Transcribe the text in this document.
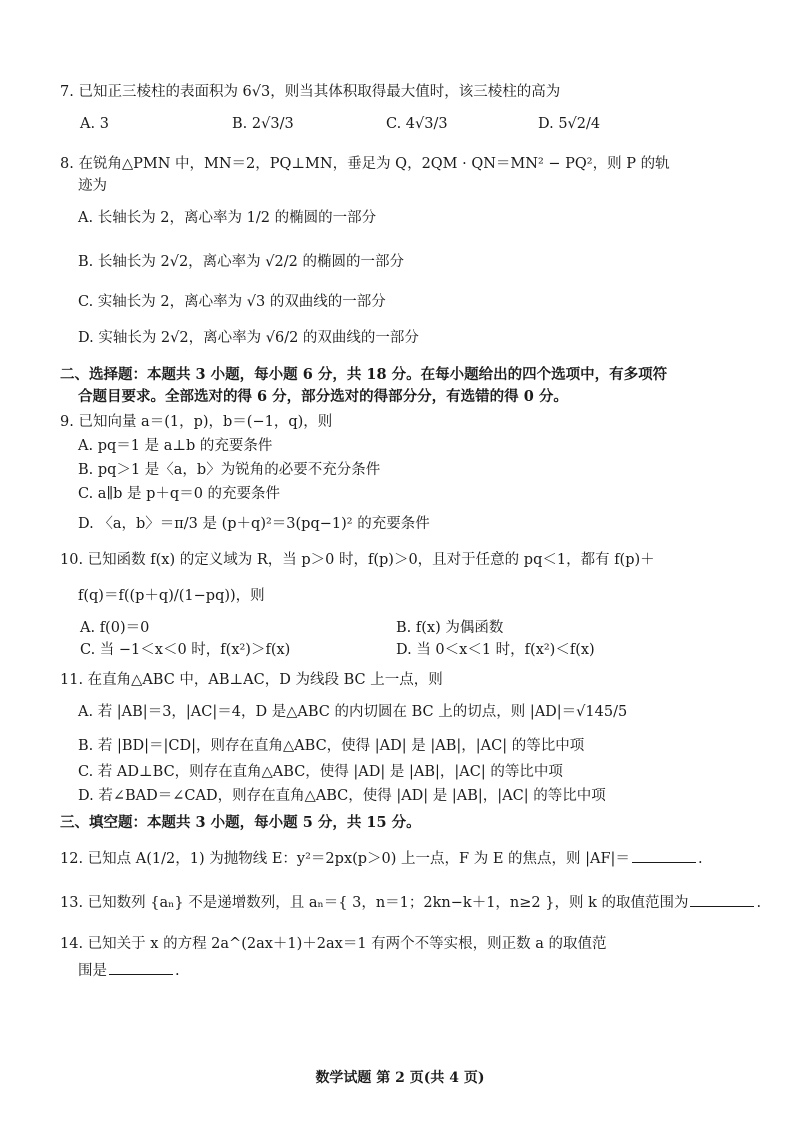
7. 已知正三棱柱的表面积为 6√3，则当其体积取得最大值时，该三棱柱的高为
A. 3	B. 2√3/3	C. 4√3/3	D. 5√2/4
8. 在锐角△PMN 中，MN＝2，PQ⊥MN，垂足为 Q，2QM · QN＝MN² − PQ²，则 P 的轨
迹为
A. 长轴长为 2，离心率为 1/2 的椭圆的一部分
B. 长轴长为 2√2，离心率为 √2/2 的椭圆的一部分
C. 实轴长为 2，离心率为 √3 的双曲线的一部分
D. 实轴长为 2√2，离心率为 √6/2 的双曲线的一部分
二、选择题：本题共 3 小题，每小题 6 分，共 18 分。在每小题给出的四个选项中，有多项符
合题目要求。全部选对的得 6 分，部分选对的得部分分，有选错的得 0 分。
9. 已知向量 a＝(1，p)，b＝(−1，q)，则
A. pq＝1 是 a⊥b 的充要条件
B. pq＞1 是〈a，b〉为锐角的必要不充分条件
C. a∥b 是 p＋q＝0 的充要条件
D. 〈a，b〉＝π/3 是 (p＋q)²＝3(pq−1)² 的充要条件
10. 已知函数 f(x) 的定义域为 R，当 p＞0 时，f(p)＞0，且对于任意的 pq＜1，都有 f(p)＋
f(q)＝f((p＋q)/(1−pq))，则
A. f(0)＝0	B. f(x) 为偶函数
C. 当 −1＜x＜0 时，f(x²)＞f(x)	D. 当 0＜x＜1 时，f(x²)＜f(x)
11. 在直角△ABC 中，AB⊥AC，D 为线段 BC 上一点，则
A. 若 |AB|＝3，|AC|＝4，D 是△ABC 的内切圆在 BC 上的切点，则 |AD|＝√145/5
B. 若 |BD|＝|CD|，则存在直角△ABC，使得 |AD| 是 |AB|，|AC| 的等比中项
C. 若 AD⊥BC，则存在直角△ABC，使得 |AD| 是 |AB|，|AC| 的等比中项
D. 若∠BAD＝∠CAD，则存在直角△ABC，使得 |AD| 是 |AB|，|AC| 的等比中项
三、填空题：本题共 3 小题，每小题 5 分，共 15 分。
12. 已知点 A(1/2，1) 为抛物线 E：y²＝2px(p＞0) 上一点，F 为 E 的焦点，则 |AF|＝	.
13. 已知数列 {aₙ} 不是递增数列，且 aₙ＝{ 3，n＝1；2kn−k＋1，n≥2 }，则 k 的取值范围为	.
14. 已知关于 x 的方程 2a^(2ax＋1)＋2ax＝1 有两个不等实根，则正数 a 的取值范
围是	.
数学试题 第 2 页(共 4 页)
